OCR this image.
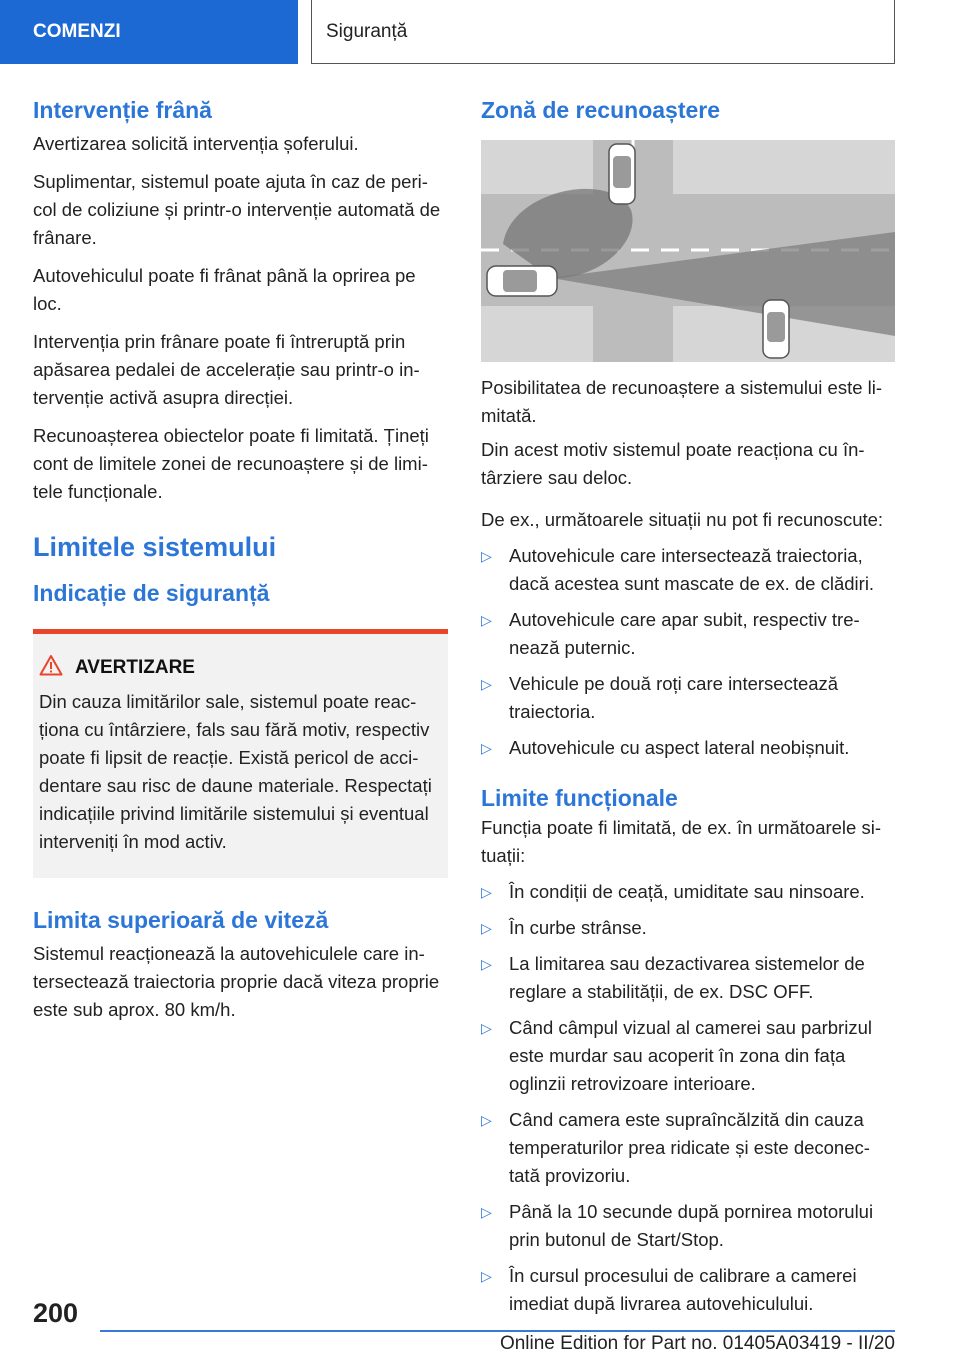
COMENZI	Siguranță
Intervenție frână

Avertizarea solicită intervenția șoferului.

Suplimentar, sistemul poate ajuta în caz de peri-col de coliziune și printr-o intervenție automată de frânare.

Autovehiculul poate fi frânat până la oprirea pe loc.

Intervenția prin frânare poate fi întreruptă prin apăsarea pedalei de accelerație sau printr-o in-tervenție activă asupra direcției.

Recunoașterea obiectelor poate fi limitată. Țineți cont de limitele zonei de recunoaștere și de limi-tele funcționale.

Limitele sistemului
Indicație de siguranță
AVERTIZARE

Din cauza limitărilor sale, sistemul poate reac-ționa cu întârziere, fals sau fără motiv, respectiv poate fi lipsit de reacție. Există pericol de acci-dentare sau risc de daune materiale. Respectați indicațiile privind limitările sistemului și eventual interveniți în mod activ.

Limita superioară de viteză

Sistemul reacționează la autovehiculele care in-tersectează traiectoria proprie dacă viteza proprie este sub aprox. 80 km/h.

Zonă de recunoaștere

Posibilitatea de recunoaștere a sistemului este li-mitată.

Din acest motiv sistemul poate reacționa cu în-târziere sau deloc.

De ex., următoarele situații nu pot fi recunoscute:

▷ Autovehicule care intersectează traiectoria, dacă acestea sunt mascate de ex. de clădiri.
▷ Autovehicule care apar subit, respectiv tre-nează puternic.
▷ Vehicule pe două roți care intersectează traiectoria.
▷ Autovehicule cu aspect lateral neobișnuit.
Limite funcționale

Funcția poate fi limitată, de ex. în următoarele si-tuații:

▷ În condiții de ceață, umiditate sau ninsoare.
▷ În curbe strânse.
▷ La limitarea sau dezactivarea sistemelor de reglare a stabilității, de ex. DSC OFF.
▷ Când câmpul vizual al camerei sau parbrizul este murdar sau acoperit în zona din fața oglinzii retrovizoare interioare.
▷ Când camera este supraîncălzită din cauza temperaturilor prea ridicate și este deconec-tată provizoriu.
▷ Până la 10 secunde după pornirea motorului prin butonul de Start/Stop.
▷ În cursul procesului de calibrare a camerei imediat după livrarea autovehiculului.
200
Online Edition for Part no. 01405A03419 - II/20
